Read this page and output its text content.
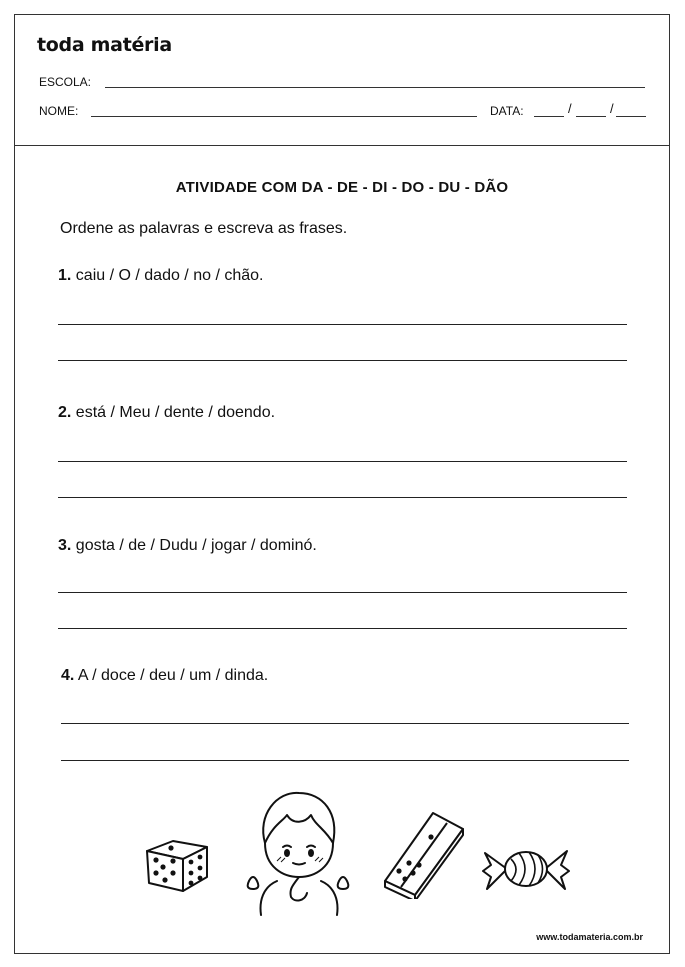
toda matéria
ESCOLA:
NOME:	DATA:	/	/
ATIVIDADE COM DA - DE - DI - DO - DU - DÃO
Ordene as palavras e escreva as frases.
1. caiu / O / dado / no / chão.
2. está / Meu / dente / doendo.
3. gosta / de / Dudu / jogar / dominó.
4. A / doce / deu / um / dinda.
www.todamateria.com.br
